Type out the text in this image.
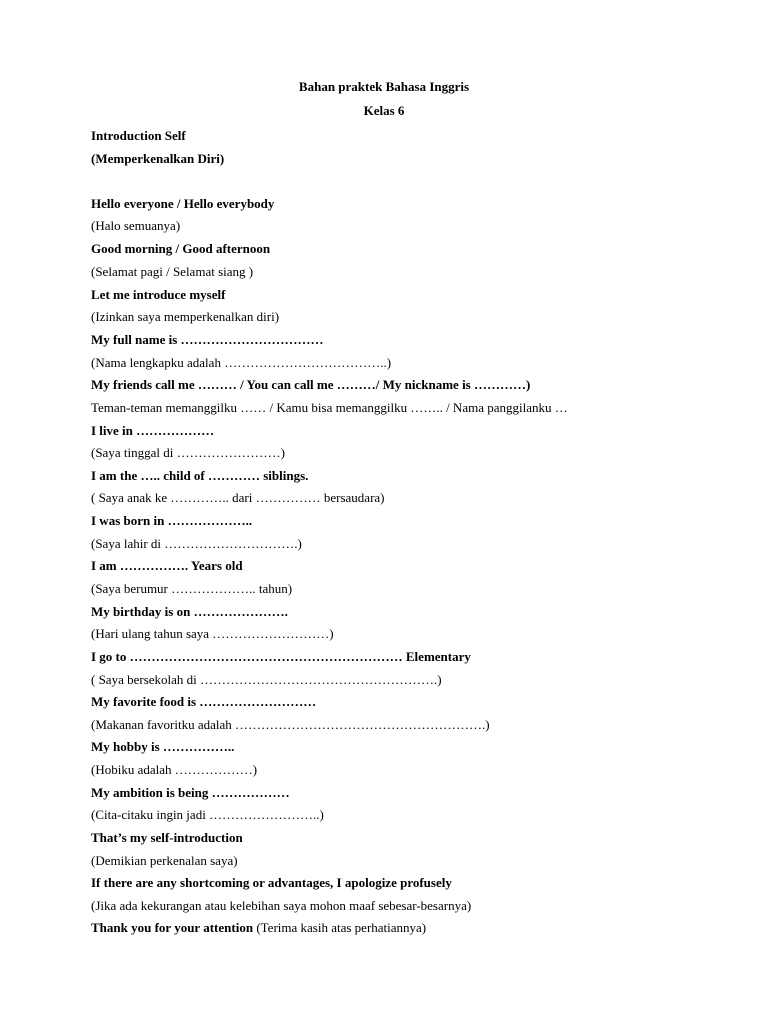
Bahan praktek Bahasa Inggris
Kelas 6
Introduction Self
(Memperkenalkan Diri)
Hello everyone / Hello everybody
(Halo semuanya)
Good morning / Good afternoon
(Selamat pagi / Selamat siang )
Let me introduce myself
(Izinkan saya memperkenalkan diri)
My full name is ……………………………
(Nama lengkapku adalah ………………………………..)
My friends call me ……… / You can call me ………/ My nickname is …………)
Teman-teman memanggilku …… / Kamu bisa memanggilku …….. / Nama panggilanku …
I live in ………………
(Saya tinggal di ……………………)
I am the ….. child of ………… siblings.
( Saya anak ke ………….. dari …………… bersaudara)
I was born in ………………..
(Saya lahir di ………………………….)
I am ……………. Years old
(Saya berumur ……………….. tahun)
My birthday is on ………………….
(Hari ulang tahun saya ………………………)
I go to ……………………………………………………… Elementary
( Saya bersekolah di ……………………………………………….)
My favorite food is ………………………
(Makanan favoritku adalah ………………………………………………….)
My hobby is ……………..
(Hobiku adalah ………………)
My ambition is being ………………
(Cita-citaku ingin jadi ……………………..)
That’s my self-introduction
(Demikian perkenalan saya)
If there are any shortcoming or advantages, I apologize profusely
(Jika ada kekurangan atau kelebihan saya mohon maaf sebesar-besarnya)
Thank you for your attention (Terima kasih atas perhatiannya)
